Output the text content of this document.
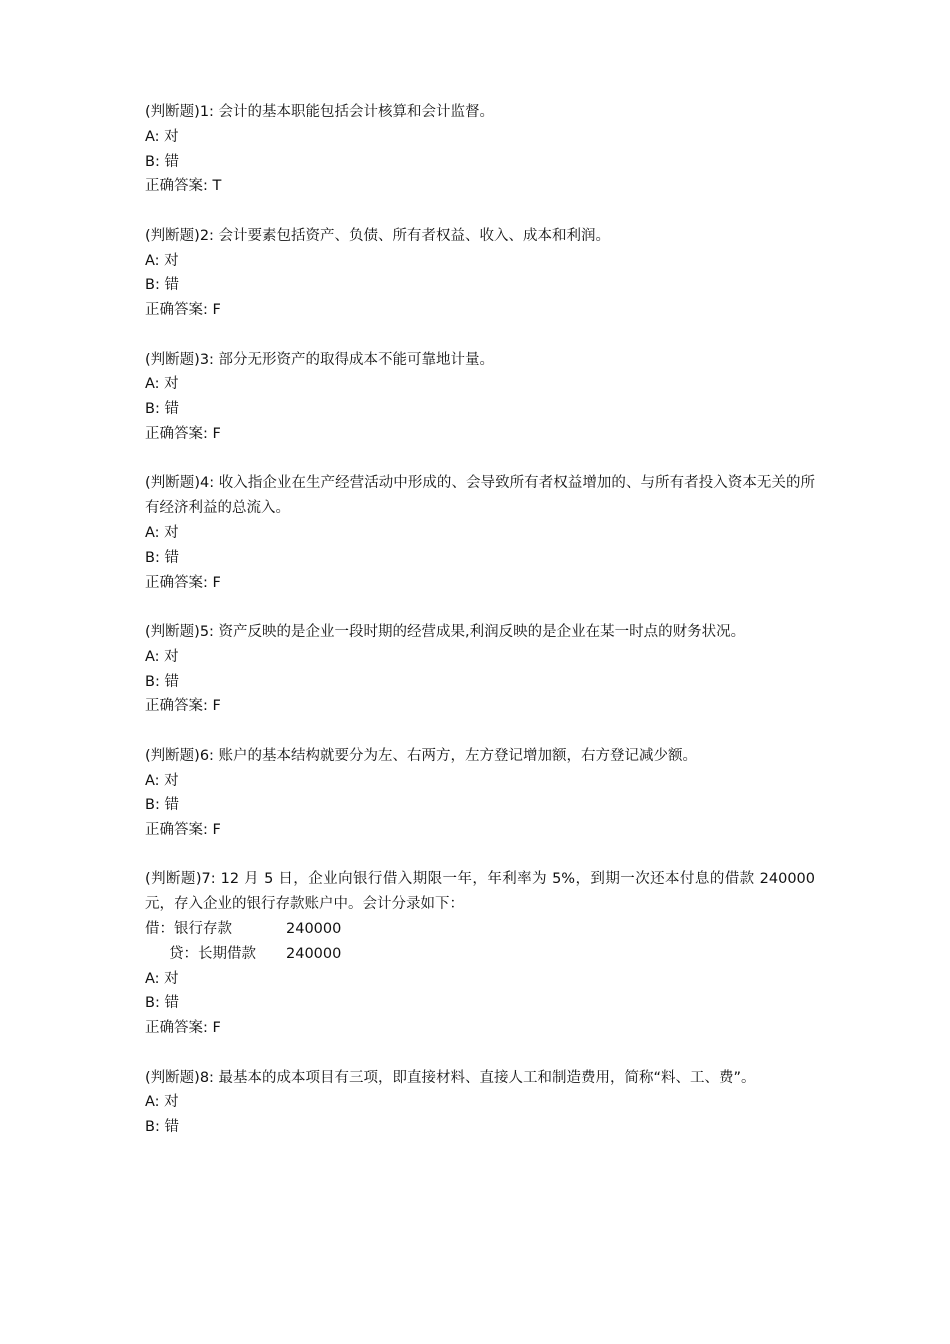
(判断题)1: 会计的基本职能包括会计核算和会计监督。
A: 对
B: 错
正确答案: T
(判断题)2: 会计要素包括资产、负债、所有者权益、收入、成本和利润。
A: 对
B: 错
正确答案: F
(判断题)3: 部分无形资产的取得成本不能可靠地计量。
A: 对
B: 错
正确答案: F
(判断题)4: 收入指企业在生产经营活动中形成的、会导致所有者权益增加的、与所有者投入资本无关的所有经济利益的总流入。
A: 对
B: 错
正确答案: F
(判断题)5: 资产反映的是企业一段时期的经营成果,利润反映的是企业在某一时点的财务状况。
A: 对
B: 错
正确答案: F
(判断题)6: 账户的基本结构就要分为左、右两方，左方登记增加额，右方登记减少额。
A: 对
B: 错
正确答案: F
(判断题)7: 12 月 5 日，企业向银行借入期限一年，年利率为 5%，到期一次还本付息的借款 240000 元，存入企业的银行存款账户中。会计分录如下：
借：银行存款	240000
贷：长期借款	240000
A: 对
B: 错
正确答案: F
(判断题)8: 最基本的成本项目有三项，即直接材料、直接人工和制造费用，简称“料、工、费”。
A: 对
B: 错
